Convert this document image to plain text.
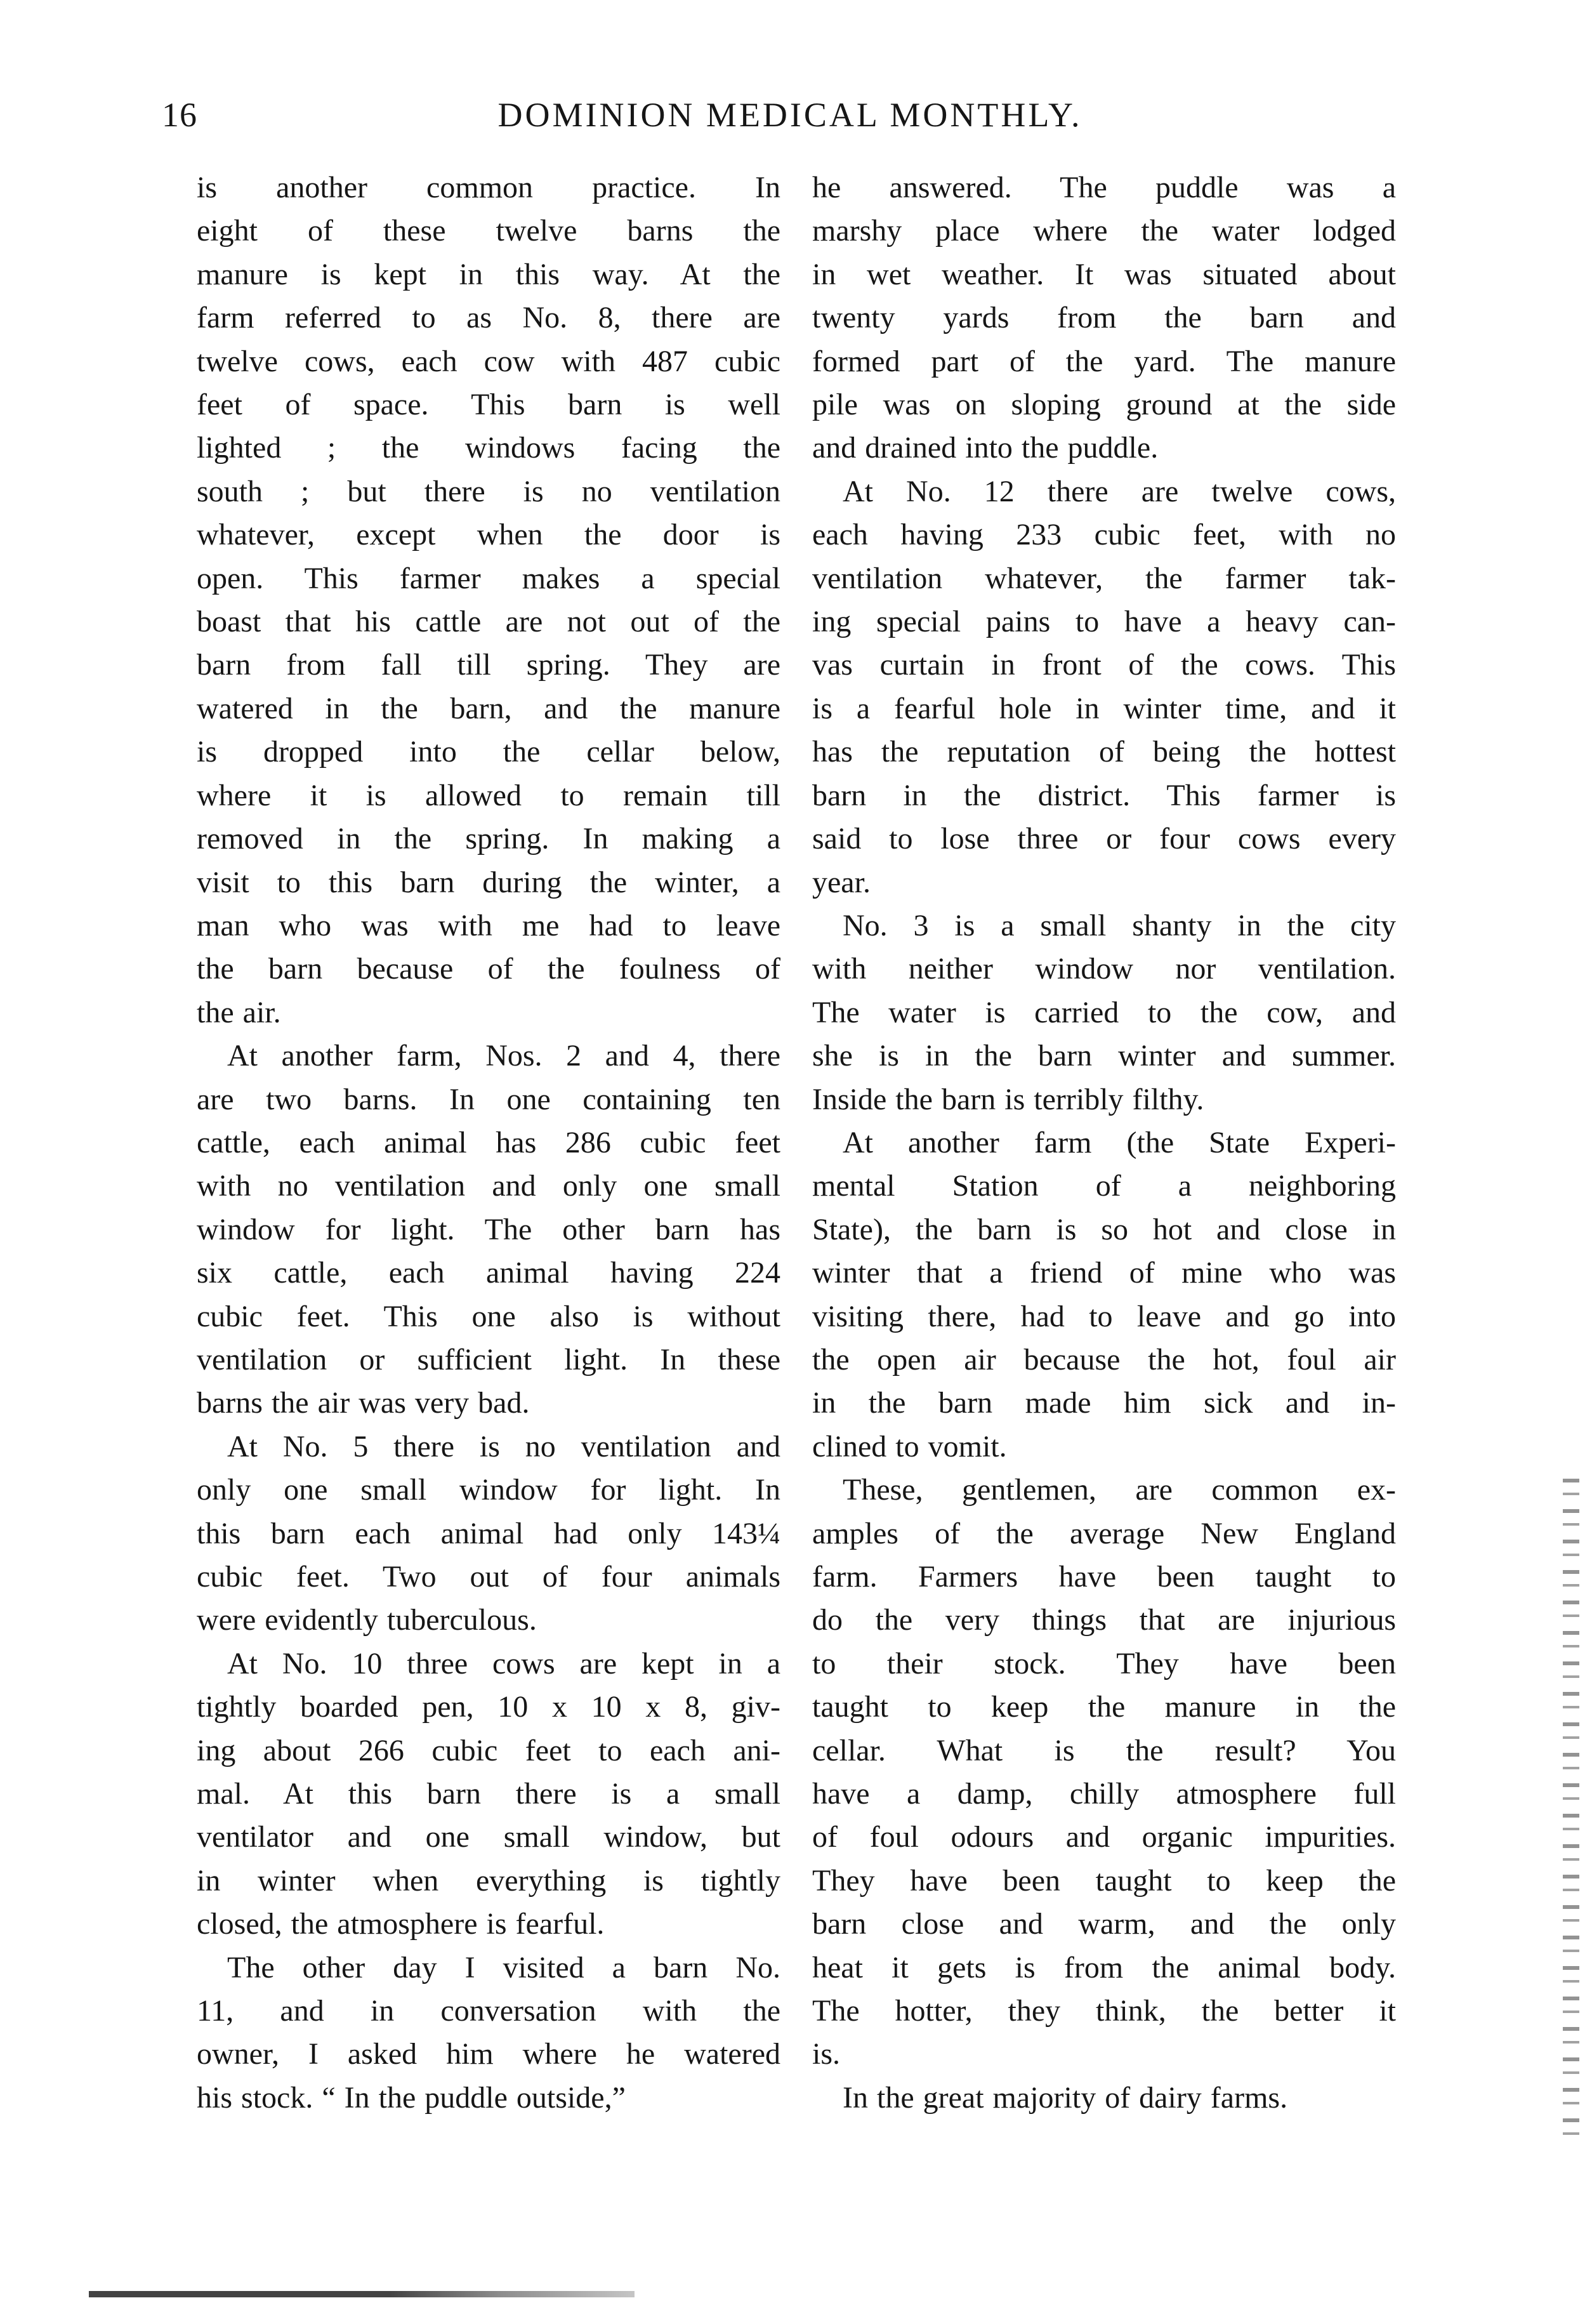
16	DOMINION MEDICAL MONTHLY.

is another common practice. In
eight of these twelve barns the
manure is kept in this way. At the
farm referred to as No. 8, there are
twelve cows, each cow with 487 cubic
feet of space. This barn is well
lighted ; the windows facing the
south ; but there is no ventilation
whatever, except when the door is
open. This farmer makes a special
boast that his cattle are not out of the
barn from fall till spring. They are
watered in the barn, and the manure
is dropped into the cellar below,
where it is allowed to remain till
removed in the spring. In making a
visit to this barn during the winter, a
man who was with me had to leave
the barn because of the foulness of
the air.

At another farm, Nos. 2 and 4, there
are two barns. In one containing ten
cattle, each animal has 286 cubic feet
with no ventilation and only one small
window for light. The other barn has
six cattle, each animal having 224
cubic feet. This one also is without
ventilation or sufficient light. In these
barns the air was very bad.

At No. 5 there is no ventilation and
only one small window for light. In
this barn each animal had only 143¼
cubic feet. Two out of four animals
were evidently tuberculous.

At No. 10 three cows are kept in a
tightly boarded pen, 10 x 10 x 8, giv-
ing about 266 cubic feet to each ani-
mal. At this barn there is a small
ventilator and one small window, but
in winter when everything is tightly
closed, the atmosphere is fearful.

The other day I visited a barn No.
11, and in conversation with the
owner, I asked him where he watered
his stock. “ In the puddle outside,”

he answered. The puddle was a
marshy place where the water lodged
in wet weather. It was situated about
twenty yards from the barn and
formed part of the yard. The manure
pile was on sloping ground at the side
and drained into the puddle.

At No. 12 there are twelve cows,
each having 233 cubic feet, with no
ventilation whatever, the farmer tak-
ing special pains to have a heavy can-
vas curtain in front of the cows. This
is a fearful hole in winter time, and it
has the reputation of being the hottest
barn in the district. This farmer is
said to lose three or four cows every
year.

No. 3 is a small shanty in the city
with neither window nor ventilation.
The water is carried to the cow, and
she is in the barn winter and summer.
Inside the barn is terribly filthy.

At another farm (the State Experi-
mental Station of a neighboring
State), the barn is so hot and close in
winter that a friend of mine who was
visiting there, had to leave and go into
the open air because the hot, foul air
in the barn made him sick and in-
clined to vomit.

These, gentlemen, are common ex-
amples of the average New England
farm. Farmers have been taught to
do the very things that are injurious
to their stock. They have been
taught to keep the manure in the
cellar. What is the result? You
have a damp, chilly atmosphere full
of foul odours and organic impurities.
They have been taught to keep the
barn close and warm, and the only
heat it gets is from the animal body.
The hotter, they think, the better it
is.

In the great majority of dairy farms.
